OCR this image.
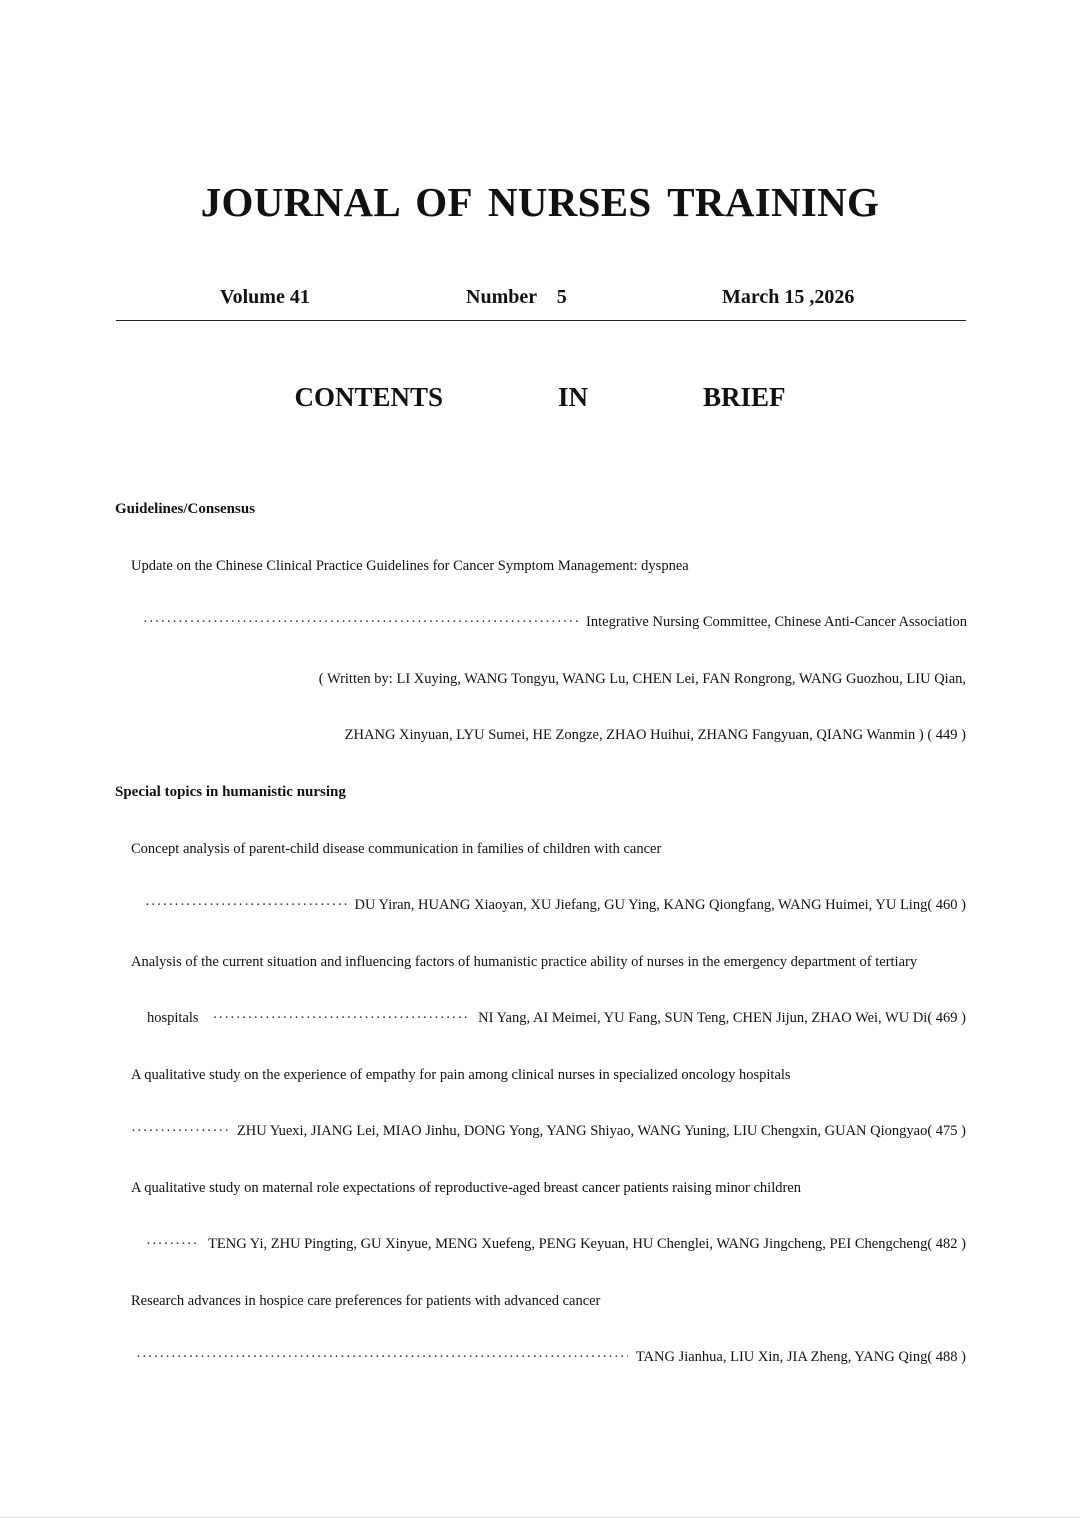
JOURNAL OF NURSES TRAINING
Volume 41	Number    5	March 15 ,2026
CONTENTS    IN    BRIEF
Guidelines/Consensus
Update on the Chinese Clinical Practice Guidelines for Cancer Symptom Management: dyspnea
·····
Integrative Nursing Committee, Chinese Anti-Cancer Association
( Written by: LI Xuying, WANG Tongyu, WANG Lu, CHEN Lei, FAN Rongrong, WANG Guozhou, LIU Qian,
ZHANG Xinyuan, LYU Sumei, HE Zongze, ZHAO Huihui, ZHANG Fangyuan, QIANG Wanmin ) ( 449 )
Special topics in humanistic nursing
Concept analysis of parent-child disease communication in families of children with cancer
·····
DU Yiran, HUANG Xiaoyan, XU Jiefang, GU Ying, KANG Qiongfang, WANG Huimei, YU Ling( 460 )
Analysis of the current situation and influencing factors of humanistic practice ability of nurses in the emergency department of tertiary
hospitals
·····	NI Yang, AI Meimei, YU Fang, SUN Teng, CHEN Jijun, ZHAO Wei, WU Di( 469 )
A qualitative study on the experience of empathy for pain among clinical nurses in specialized oncology hospitals
·····
ZHU Yuexi, JIANG Lei, MIAO Jinhu, DONG Yong, YANG Shiyao, WANG Yuning, LIU Chengxin, GUAN Qiongyao( 475 )
A qualitative study on maternal role expectations of reproductive-aged breast cancer patients raising minor children
·····
TENG Yi, ZHU Pingting, GU Xinyue, MENG Xuefeng, PENG Keyuan, HU Chenglei, WANG Jingcheng, PEI Chengcheng( 482 )
Research advances in hospice care preferences for patients with advanced cancer
·····
TANG Jianhua, LIU Xin, JIA Zheng, YANG Qing( 488 )
